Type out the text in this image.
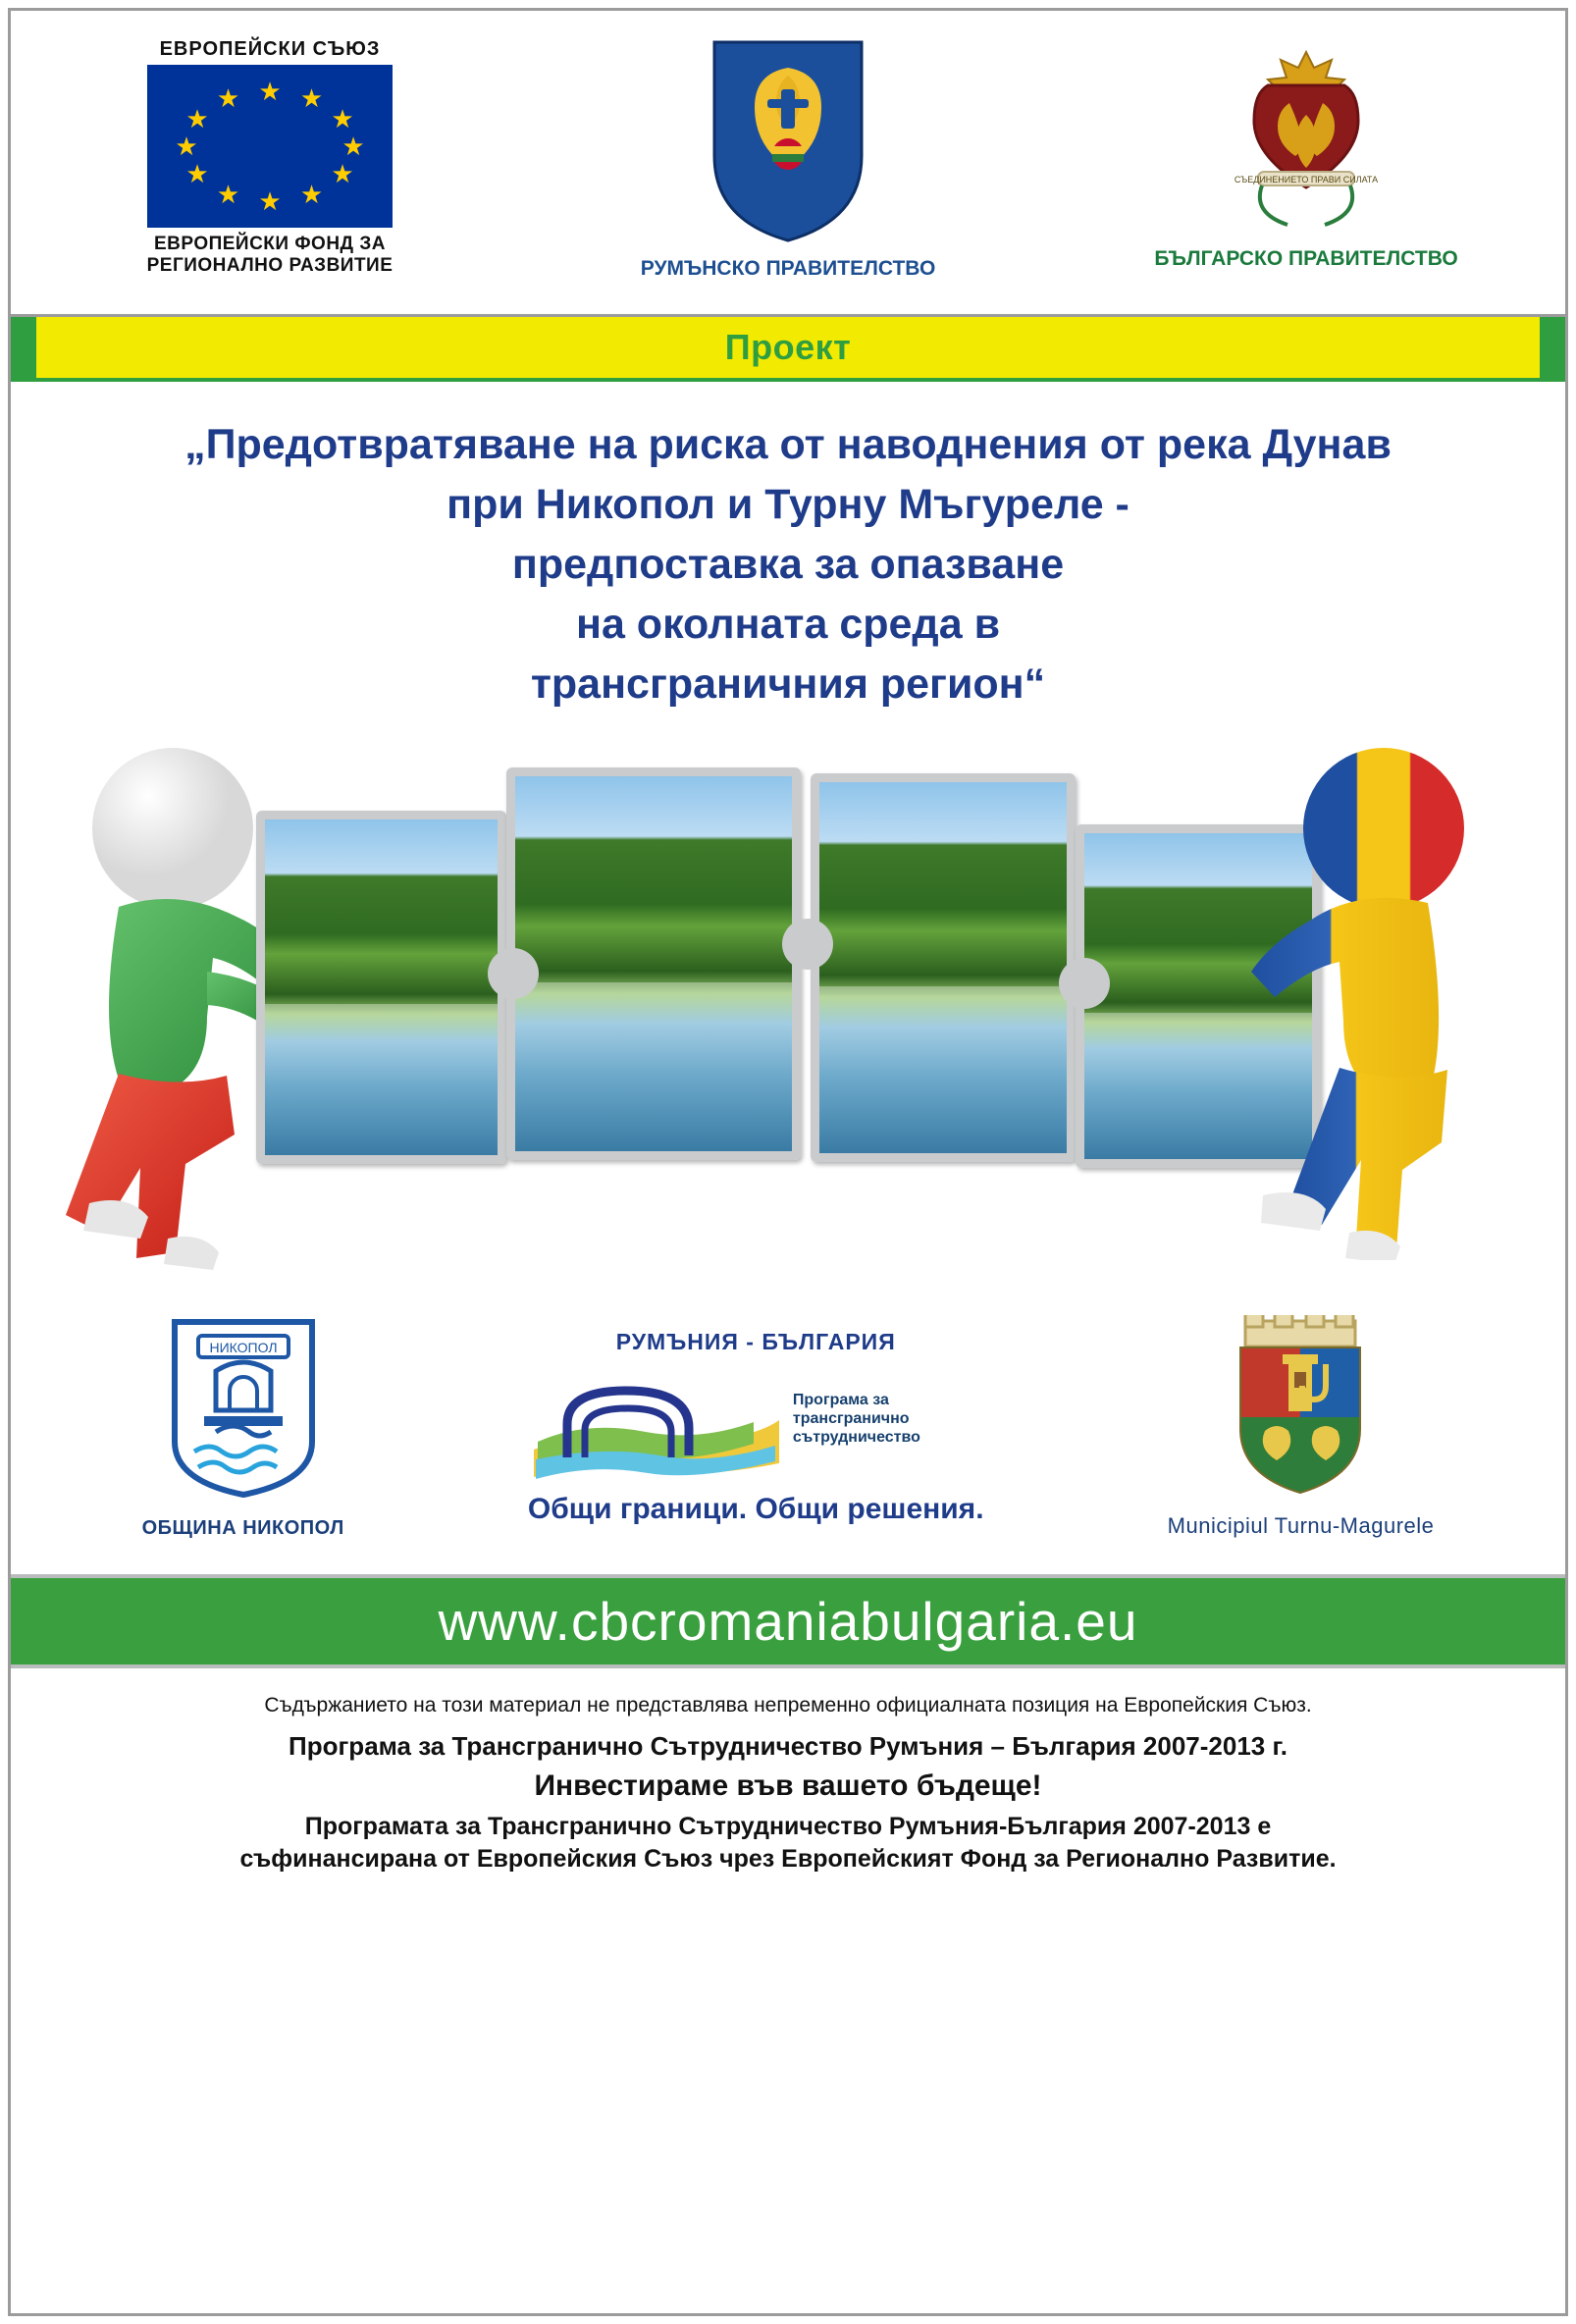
ЕВРОПЕЙСКИ СЪЮЗ
★ ★
★
★
★
★
★
★
★
★
★
★
ЕВРОПЕЙСКИ ФОНД ЗА
РЕГИОНАЛНО РАЗВИТИЕ	РУМЪНСКО ПРАВИТЕЛСТВО
СЪЕДИНЕНИЕТО ПРАВИ СИЛАТА
БЪЛГАРСКО ПРАВИТЕЛСТВО
Проект
„Предотвратяване на риска от наводнения от река Дунав
при Никопол и Турну Мъгуреле -
предпоставка за опазване
на околната среда в
трансграничния регион“
НИКОПОЛ
ОБЩИНА НИКОПОЛ
РУМЪНИЯ - БЪЛГАРИЯ
Програма за
трансгранично
сътрудничество
Общи граници. Общи решения.
Municipiul Turnu-Magurele
www.cbcromaniabulgaria.eu
Съдържанието на този материал не представлява непременно официалната позиция на Европейския Съюз.
Програма за Трансгранично Сътрудничество Румъния – България 2007-2013 г.
Инвестираме във вашето бъдеще!
Програмата за Трансгранично Сътрудничество Румъния-България 2007-2013 е
съфинансирана от Европейския Съюз чрез Европейският Фонд за Регионално Развитие.
